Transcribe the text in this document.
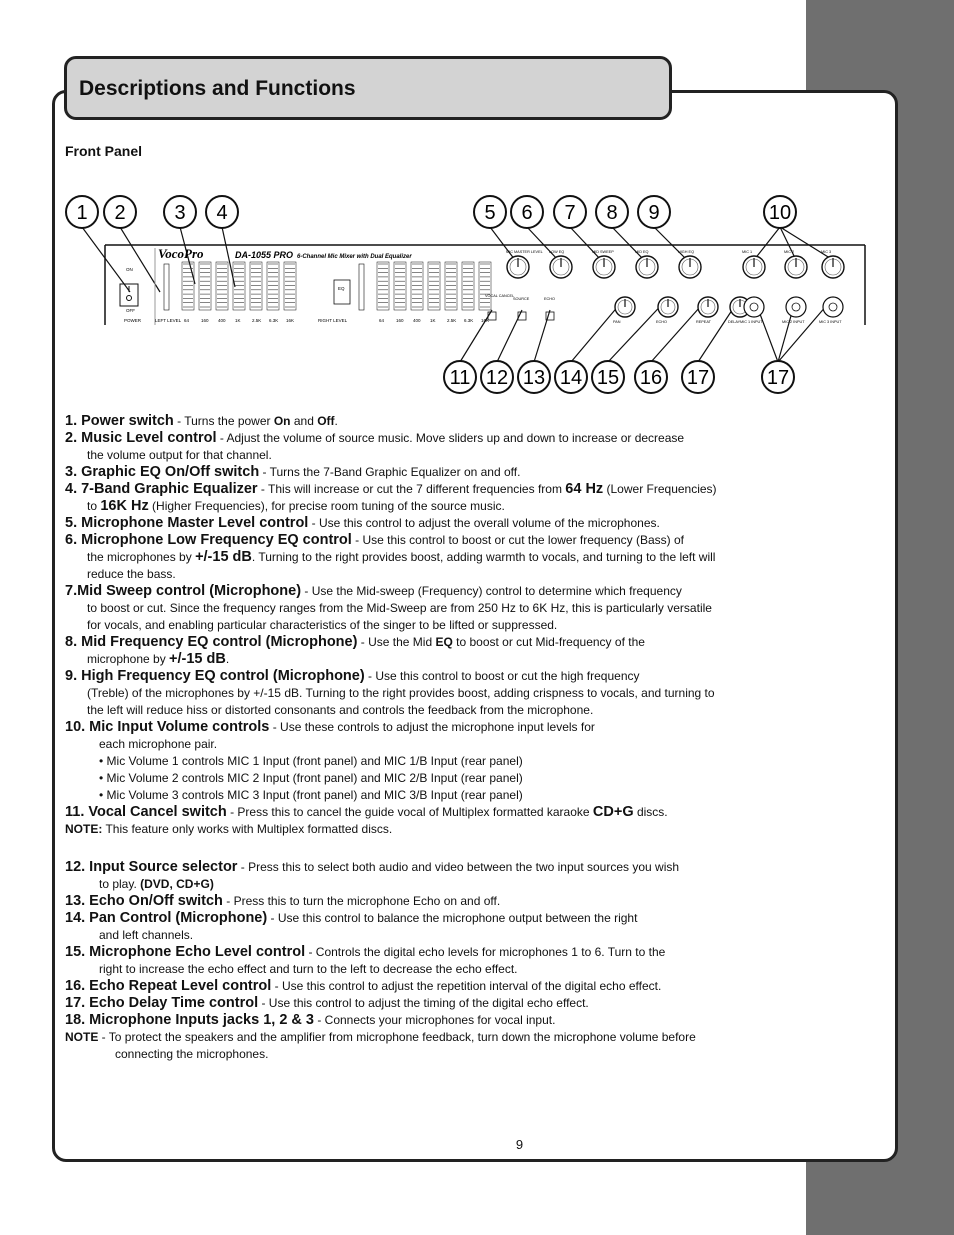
Descriptions and Functions
Front Panel
1 2 3 4	5 6 7 8 9	10
11 12 13 14 15 16 17	17
VocoPro	DA-1055 PRO 6-Channel Mic Mixer with Dual Equalizer
ON
OFF
POWER	64	160 400 1K	2.5K 6.3K 16K	64	160 400 1K	2.5K 6.3K 16K
LEFT LEVEL	RIGHT LEVEL
EQ
VOCAL CANCEL
SOURCE	ECHO
MIC MASTER LEVEL LOW EQ	MID SWEEP	MID EQ	HIGH EQ	MIC 1	MIC 2	MIC 3
PAN	ECHO	REPEAT	DELAY MIC 1 INPUT	MIC 2 INPUT	MIC 3 INPUT

1. Power switch - Turns the power On and Off.

2. Music Level control - Adjust the volume of source music. Move sliders up and down to increase or decrease

the volume output for that channel.

3. Graphic EQ On/Off switch - Turns the 7-Band Graphic Equalizer on and off.

4. 7-Band Graphic Equalizer - This will increase or cut the 7 different frequencies from 64 Hz (Lower Frequencies)

to 16K Hz (Higher Frequencies), for precise room tuning of the source music.

5. Microphone Master Level control - Use this control to adjust the overall volume of the microphones.

6. Microphone Low Frequency EQ control - Use this control to boost or cut the lower frequency (Bass) of

the microphones by +/-15 dB. Turning to the right provides boost, adding warmth to vocals, and turning to the left will

reduce the bass.

7.Mid Sweep control (Microphone) - Use the Mid-sweep (Frequency) control to determine which frequency

to boost or cut. Since the frequency ranges from the Mid-Sweep are from 250 Hz to 6K Hz, this is particularly versatile

for vocals, and enabling particular characteristics of the singer to be lifted or suppressed.

8. Mid Frequency EQ control (Microphone) - Use the Mid EQ to boost or cut Mid-frequency of the

microphone by +/-15 dB.

9. High Frequency EQ control (Microphone) - Use this control to boost or cut the high frequency

(Treble) of the microphones by +/-15 dB. Turning to the right provides boost, adding crispness to vocals, and turning to

the left will reduce hiss or distorted consonants and controls the feedback from the microphone.

10. Mic Input Volume controls - Use these controls to adjust the microphone input levels for

each microphone pair.

• Mic Volume 1 controls MIC 1 Input (front panel) and MIC 1/B Input (rear panel)

• Mic Volume 2 controls MIC 2 Input (front panel) and MIC 2/B Input (rear panel)

• Mic Volume 3 controls MIC 3 Input (front panel) and MIC 3/B Input (rear panel)

11. Vocal Cancel switch - Press this to cancel the guide vocal of Multiplex formatted karaoke CD+G discs.

NOTE: This feature only works with Multiplex formatted discs.

12. Input Source selector - Press this to select both audio and video between the two input sources you wish

to play. (DVD, CD+G)

13. Echo On/Off switch - Press this to turn the microphone Echo on and off.

14. Pan Control (Microphone) - Use this control to balance the microphone output between the right

and left channels.

15. Microphone Echo Level control - Controls the digital echo levels for microphones 1 to 6. Turn to the

right to increase the echo effect and turn to the left to decrease the echo effect.

16. Echo Repeat Level control - Use this control to adjust the repetition interval of the digital echo effect.

17. Echo Delay Time control - Use this control to adjust the timing of the digital echo effect.

18. Microphone Inputs jacks 1, 2 & 3 - Connects your microphones for vocal input.

NOTE - To protect the speakers and the amplifier from microphone feedback, turn down the microphone volume before

connecting the microphones.

9
